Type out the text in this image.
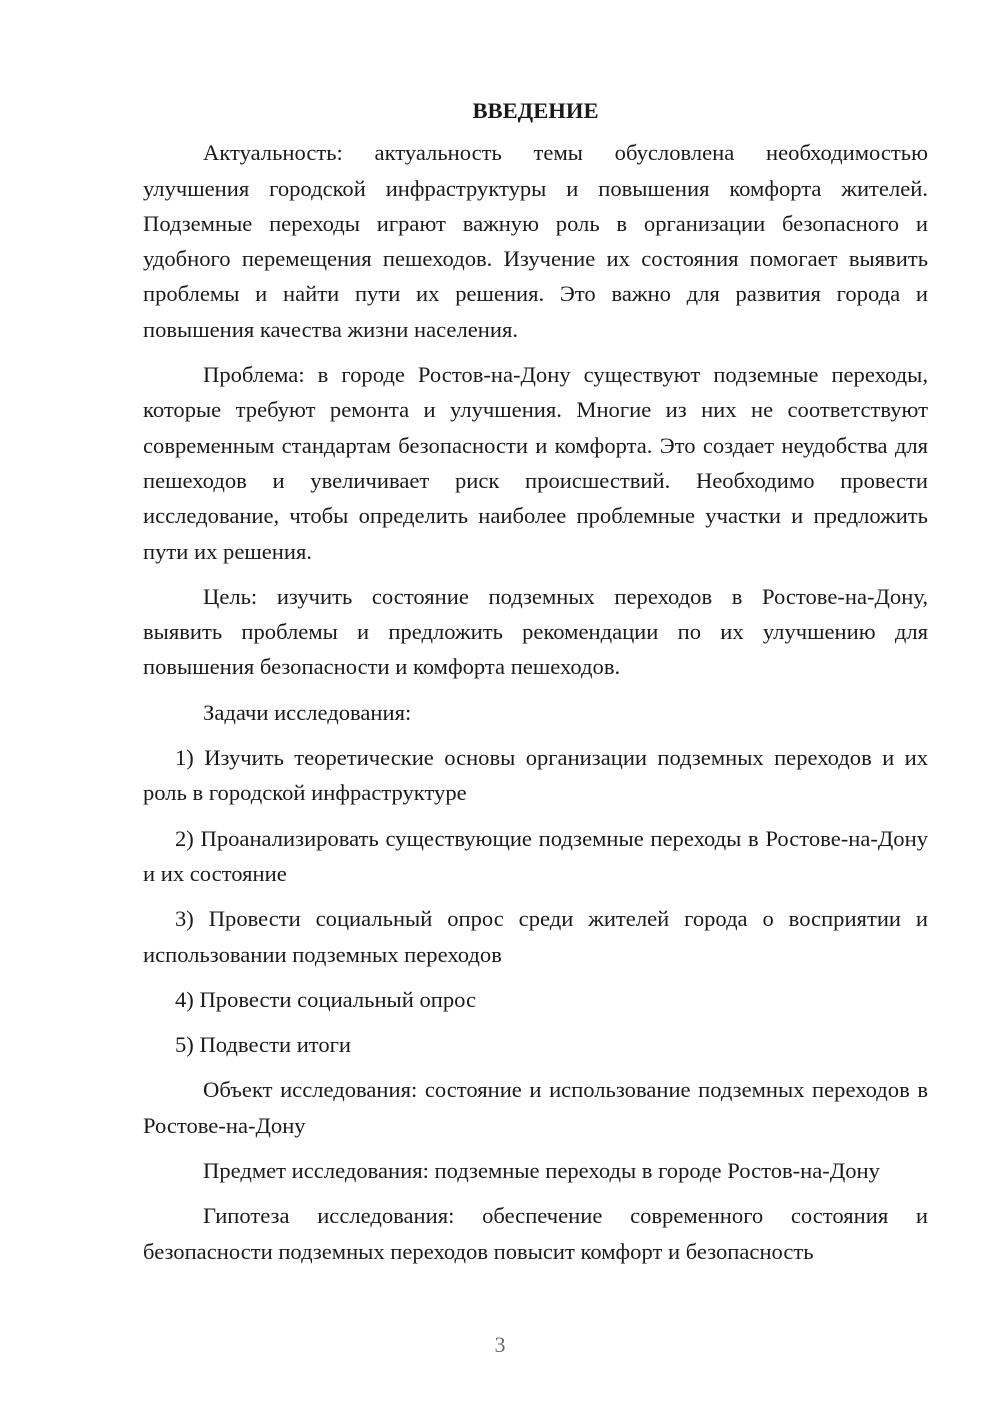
ВВЕДЕНИЕ

Актуальность: актуальность темы обусловлена необходимостью улучшения городской инфраструктуры и повышения комфорта жителей. Подземные переходы играют важную роль в организации безопасного и удобного перемещения пешеходов. Изучение их состояния помогает выявить проблемы и найти пути их решения. Это важно для развития города и повышения качества жизни населения.

Проблема: в городе Ростов-на-Дону существуют подземные переходы, которые требуют ремонта и улучшения. Многие из них не соответствуют современным стандартам безопасности и комфорта. Это создает неудобства для пешеходов и увеличивает риск происшествий. Необходимо провести исследование, чтобы определить наиболее проблемные участки и предложить пути их решения.

Цель: изучить состояние подземных переходов в Ростове-на-Дону, выявить проблемы и предложить рекомендации по их улучшению для повышения безопасности и комфорта пешеходов.

Задачи исследования:

1) Изучить теоретические основы организации подземных переходов и их роль в городской инфраструктуре

2) Проанализировать существующие подземные переходы в Ростове-на-Дону и их состояние

3) Провести социальный опрос среди жителей города о восприятии и использовании подземных переходов

4) Провести социальный опрос

5) Подвести итоги

Объект исследования: состояние и использование подземных переходов в Ростове-на-Дону

Предмет исследования: подземные переходы в городе Ростов-на-Дону

Гипотеза исследования: обеспечение современного состояния и безопасности подземных переходов повысит комфорт и безопасность

3
